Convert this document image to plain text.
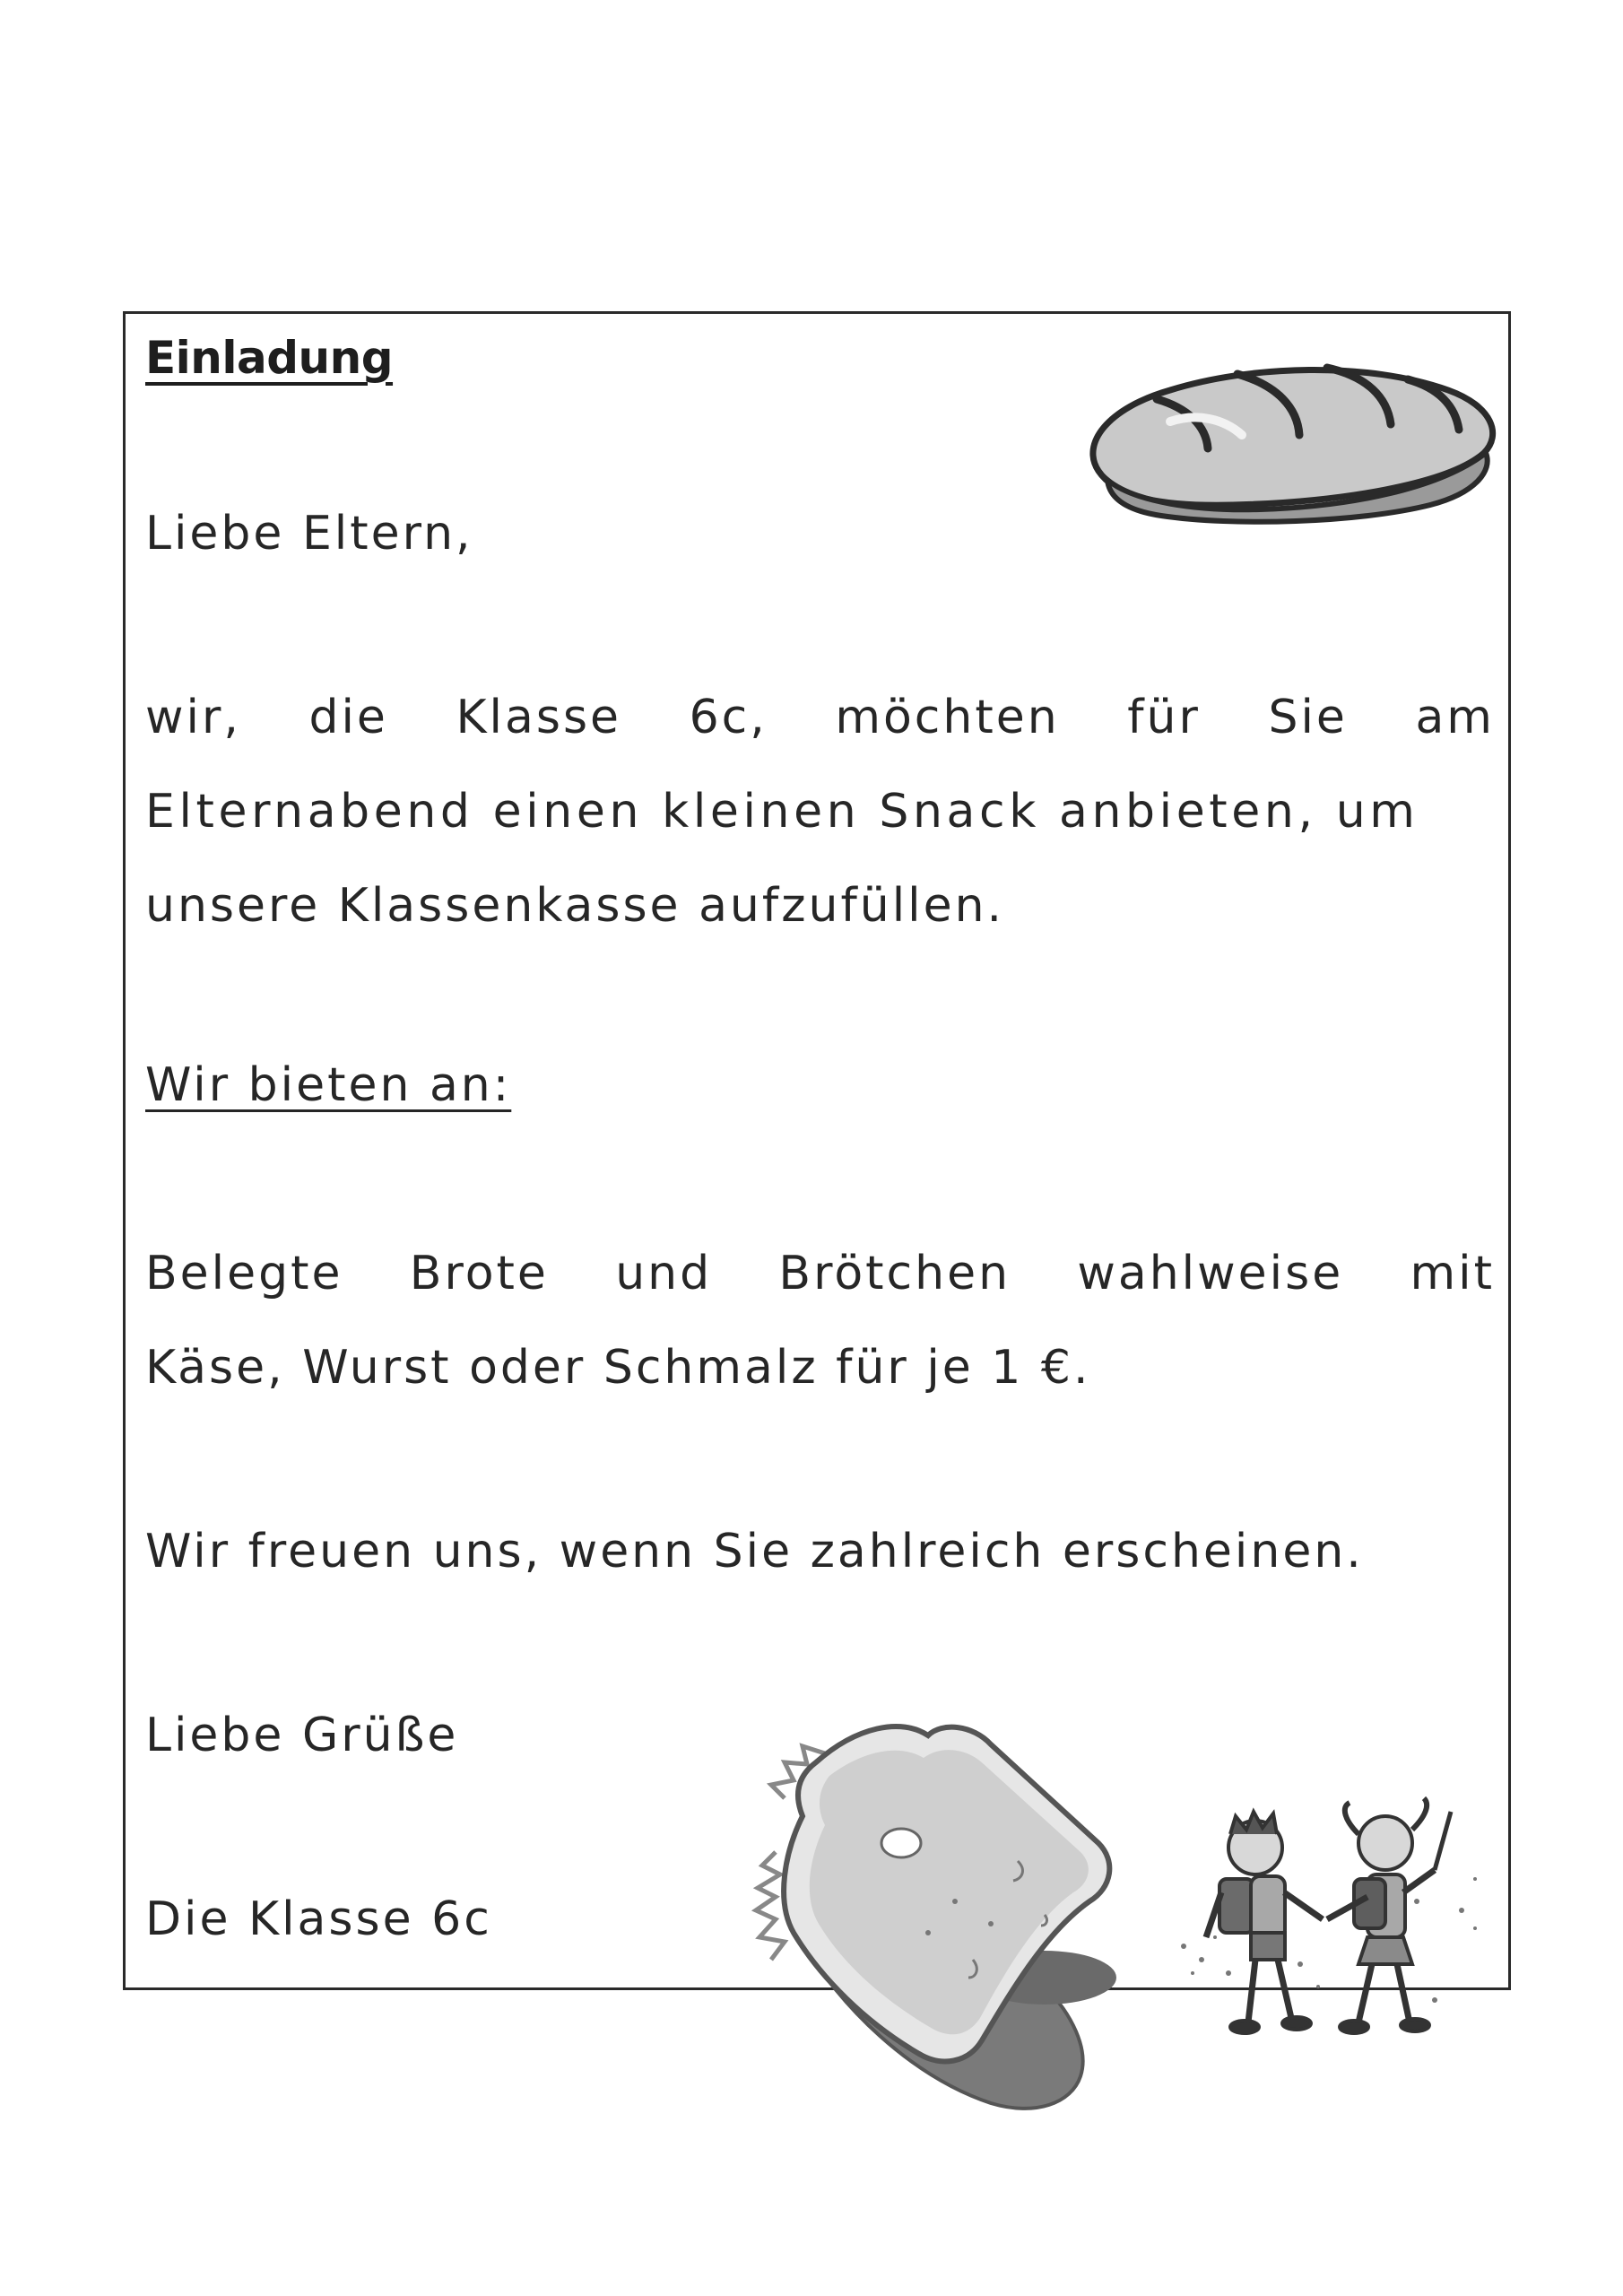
Einladung
Liebe Eltern,
wir, die Klasse 6c, möchten für Sie am
Elternabend einen kleinen Snack anbieten, um
unsere Klassenkasse aufzufüllen.
Wir bieten an:
Belegte Brote und Brötchen wahlweise mit
Käse, Wurst oder Schmalz für je 1 €.
Wir freuen uns, wenn Sie zahlreich erscheinen.
Liebe Grüße
Die Klasse 6c
